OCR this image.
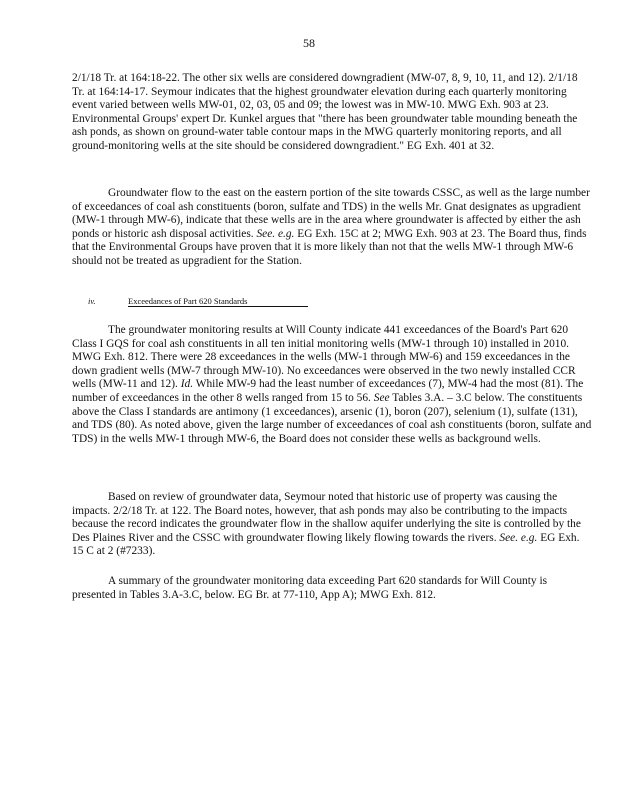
58

2/1/18 Tr. at 164:18-22. The other six wells are considered downgradient (MW-07, 8, 9, 10, 11, and 12). 2/1/18 Tr. at 164:14-17. Seymour indicates that the highest groundwater elevation during each quarterly monitoring event varied between wells MW-01, 02, 03, 05 and 09; the lowest was in MW-10. MWG Exh. 903 at 23. Environmental Groups' expert Dr. Kunkel argues that "there has been groundwater table mounding beneath the ash ponds, as shown on ground-water table contour maps in the MWG quarterly monitoring reports, and all ground-monitoring wells at the site should be considered downgradient." EG Exh. 401 at 32.

Groundwater flow to the east on the eastern portion of the site towards CSSC, as well as the large number of exceedances of coal ash constituents (boron, sulfate and TDS) in the wells Mr. Gnat designates as upgradient (MW-1 through MW-6), indicate that these wells are in the area where groundwater is affected by either the ash ponds or historic ash disposal activities. See. e.g. EG Exh. 15C at 2; MWG Exh. 903 at 23. The Board thus, finds that the Environmental Groups have proven that it is more likely than not that the wells MW-1 through MW-6 should not be treated as upgradient for the Station.

iv.	Exceedances of Part 620 Standards

The groundwater monitoring results at Will County indicate 441 exceedances of the Board's Part 620 Class I GQS for coal ash constituents in all ten initial monitoring wells (MW-1 through 10) installed in 2010. MWG Exh. 812. There were 28 exceedances in the wells (MW-1 through MW-6) and 159 exceedances in the down gradient wells (MW-7 through MW-10). No exceedances were observed in the two newly installed CCR wells (MW-11 and 12). Id. While MW-9 had the least number of exceedances (7), MW-4 had the most (81). The number of exceedances in the other 8 wells ranged from 15 to 56. See Tables 3.A. – 3.C below. The constituents above the Class I standards are antimony (1 exceedances), arsenic (1), boron (207), selenium (1), sulfate (131), and TDS (80). As noted above, given the large number of exceedances of coal ash constituents (boron, sulfate and TDS) in the wells MW-1 through MW-6, the Board does not consider these wells as background wells.

Based on review of groundwater data, Seymour noted that historic use of property was causing the impacts. 2/2/18 Tr. at 122. The Board notes, however, that ash ponds may also be contributing to the impacts because the record indicates the groundwater flow in the shallow aquifer underlying the site is controlled by the Des Plaines River and the CSSC with groundwater flowing likely flowing towards the rivers. See. e.g. EG Exh. 15 C at 2 (#7233).

A summary of the groundwater monitoring data exceeding Part 620 standards for Will County is presented in Tables 3.A-3.C, below. EG Br. at 77-110, App A); MWG Exh. 812.
